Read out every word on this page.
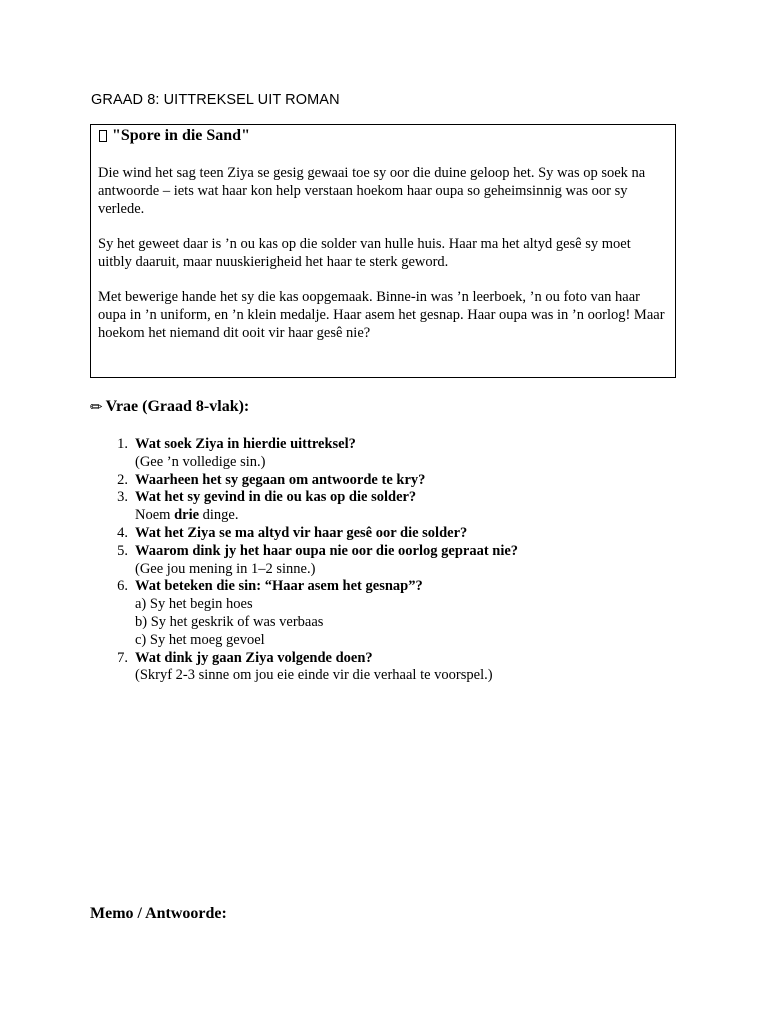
GRAAD 8: UITTREKSEL UIT ROMAN
"Spore in die Sand"

Die wind het sag teen Ziya se gesig gewaai toe sy oor die duine geloop het. Sy was op soek na antwoorde – iets wat haar kon help verstaan hoekom haar oupa so geheimsinnig was oor sy verlede.

Sy het geweet daar is ’n ou kas op die solder van hulle huis. Haar ma het altyd gesê sy moet uitbly daaruit, maar nuuskierigheid het haar te sterk geword.

Met bewerige hande het sy die kas oopgemaak. Binne-in was ’n leerboek, ’n ou foto van haar oupa in ’n uniform, en ’n klein medalje. Haar asem het gesnap. Haar oupa was in ’n oorlog! Maar hoekom het niemand dit ooit vir haar gesê nie?

✏ Vrae (Graad 8-vlak):
1. Wat soek Ziya in hierdie uittreksel?
(Gee ’n volledige sin.)
2. Waarheen het sy gegaan om antwoorde te kry?
3. Wat het sy gevind in die ou kas op die solder?
Noem drie dinge.
4. Wat het Ziya se ma altyd vir haar gesê oor die solder?
5. Waarom dink jy het haar oupa nie oor die oorlog gepraat nie?
(Gee jou mening in 1–2 sinne.)
6. Wat beteken die sin: “Haar asem het gesnap”?
a) Sy het begin hoes
b) Sy het geskrik of was verbaas
c) Sy het moeg gevoel
7. Wat dink jy gaan Ziya volgende doen?
(Skryf 2-3 sinne om jou eie einde vir die verhaal te voorspel.)
Memo / Antwoorde:
